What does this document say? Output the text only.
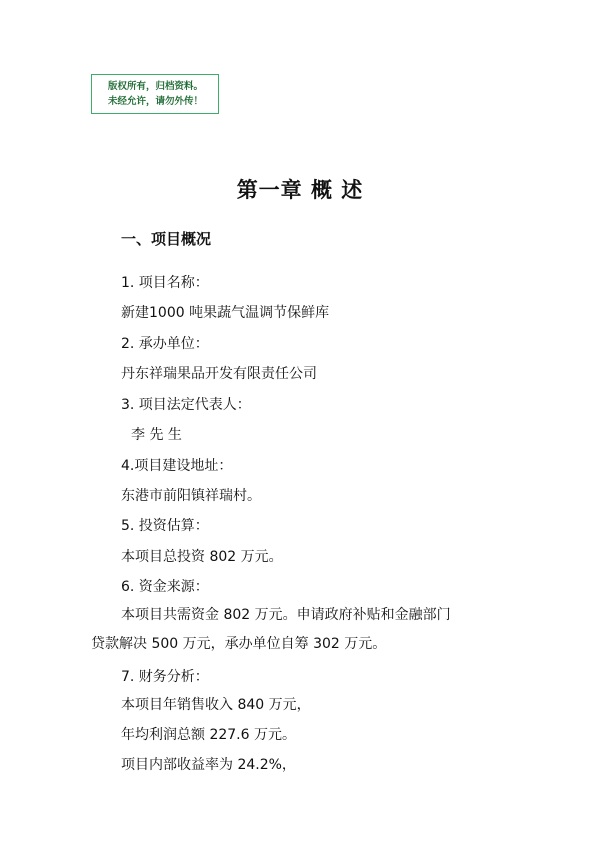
版权所有，归档资料。
未经允许，请勿外传！
第一章 概 述
一、项目概况
1. 项目名称：
新建1000 吨果蔬气温调节保鲜库
2. 承办单位：
丹东祥瑞果品开发有限责任公司
3. 项目法定代表人：
李 先 生
4.项目建设地址：
东港市前阳镇祥瑞村。
5. 投资估算：
本项目总投资 802 万元。
6. 资金来源：
本项目共需资金 802 万元。申请政府补贴和金融部门
贷款解决 500 万元，承办单位自筹 302 万元。
7. 财务分析：
本项目年销售收入 840 万元，
年均利润总额 227.6 万元。
项目内部收益率为 24.2%，
